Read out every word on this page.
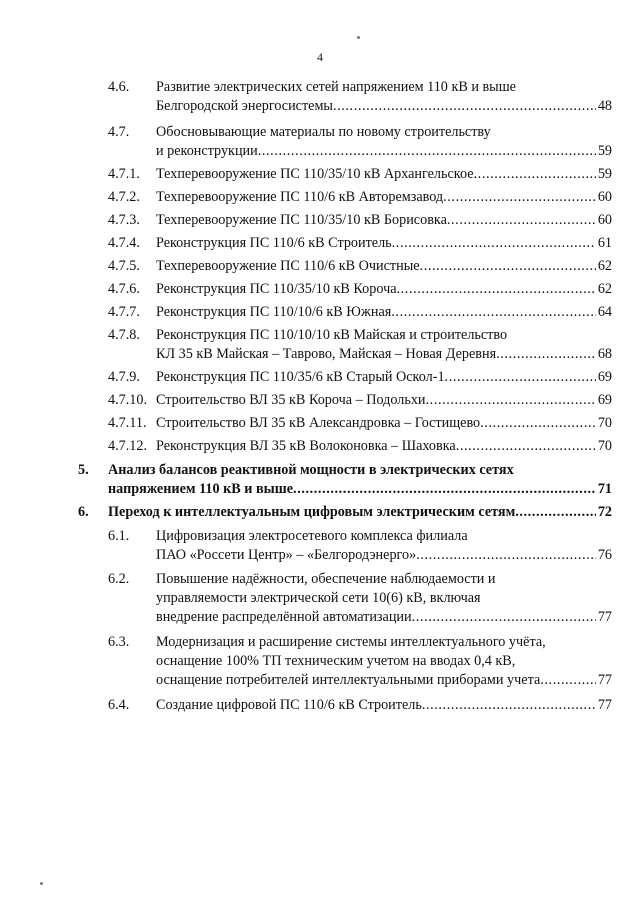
4
4.6. Развитие электрических сетей напряжением 110 кВ и выше
Белгородской энергосистемы .....	48
4.7. Обосновывающие материалы по новому строительству
и реконструкции .....	59
4.7.1. Техперевооружение ПС 110/35/10 кВ Архангельское .....	59
4.7.2. Техперевооружение ПС 110/6 кВ Авторемзавод .....	60
4.7.3. Техперевооружение ПС 110/35/10 кВ Борисовка .....	60
4.7.4. Реконструкция ПС 110/6 кВ Строитель .....	61
4.7.5. Техперевооружение ПС 110/6 кВ Очистные .....	62
4.7.6. Реконструкция ПС 110/35/10 кВ Короча .....	62
4.7.7. Реконструкция ПС 110/10/6 кВ Южная .....	64
4.7.8. Реконструкция ПС 110/10/10 кВ Майская и строительство
КЛ 35 кВ Майская – Таврово, Майская – Новая Деревня .....	68
4.7.9. Реконструкция ПС 110/35/6 кВ Старый Оскол-1 .....	69
4.7.10. Строительство ВЛ 35 кВ Короча – Подольхи .....	69
4.7.11. Строительство ВЛ 35 кВ Александровка – Гостищево .....	70
4.7.12. Реконструкция ВЛ 35 кВ Волоконовка – Шаховка .....	70
5. Анализ балансов реактивной мощности в электрических сетях
напряжением 110 кВ и выше .....	71
6. Переход к интеллектуальным цифровым электрическим сетям .....	72
6.1. Цифровизация электросетевого комплекса филиала
ПАО «Россети Центр» – «Белгородэнерго» .....	76
6.2. Повышение надёжности, обеспечение наблюдаемости и
управляемости электрической сети 10(6) кВ, включая
внедрение распределённой автоматизации .....	77
6.3. Модернизация и расширение системы интеллектуального учёта,
оснащение 100% ТП техническим учетом на вводах 0,4 кВ,
оснащение потребителей интеллектуальными приборами учета .....	77
6.4. Создание цифровой ПС 110/6 кВ Строитель .....	77
